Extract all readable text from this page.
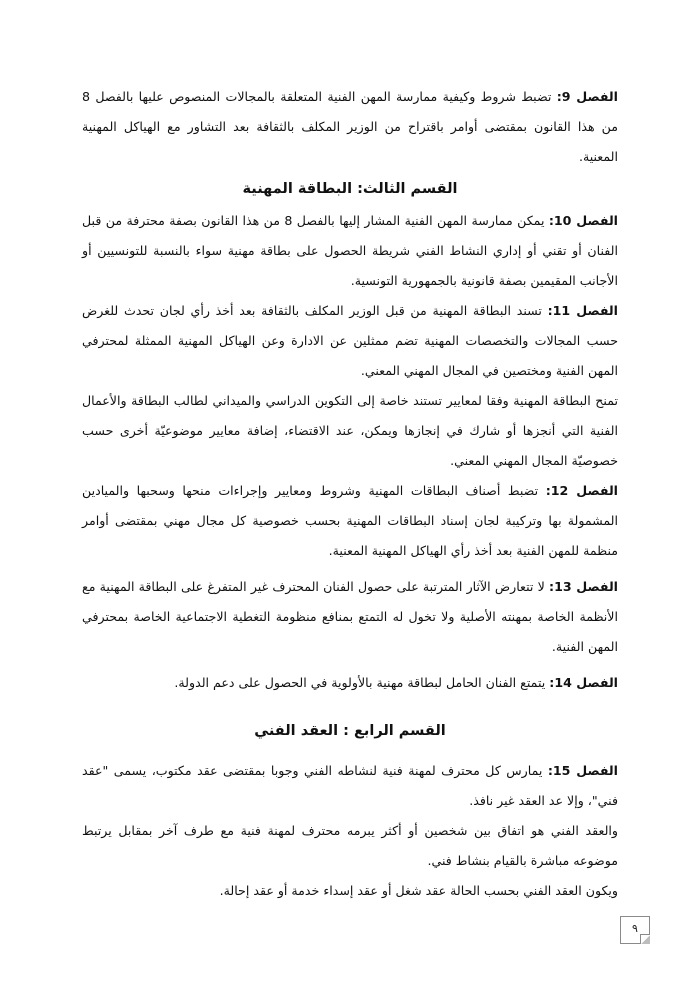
الفصل 9: تضبط شروط وكيفية ممارسة المهن الفنية المتعلقة بالمجالات المنصوص عليها بالفصل 8 من هذا القانون بمقتضى أوامر باقتراح من الوزير المكلف بالثقافة بعد التشاور مع الهياكل المهنية المعنية.

القسم الثالث: البطاقة المهنية

الفصل 10: يمكن ممارسة المهن الفنية المشار إليها بالفصل 8 من هذا القانون بصفة محترفة من قبل الفنان أو تقني أو إداري النشاط الفني شريطة الحصول على بطاقة مهنية سواء بالنسبة للتونسيين أو الأجانب المقيمين بصفة قانونية بالجمهورية التونسية.

الفصل 11: تسند البطاقة المهنية من قبل الوزير المكلف بالثقافة بعد أخذ رأي لجان تحدث للغرض حسب المجالات والتخصصات المهنية تضم ممثلين عن الادارة وعن الهياكل المهنية الممثلة لمحترفي المهن الفنية ومختصين في المجال المهني المعني.

تمنح البطاقة المهنية وفقا لمعايير تستند خاصة إلى التكوين الدراسي والميداني لطالب البطاقة والأعمال الفنية التي أنجزها أو شارك في إنجازها ويمكن، عند الاقتضاء، إضافة معايير موضوعيّة أخرى حسب خصوصيّة المجال المهني المعني.

الفصل 12: تضبط أصناف البطاقات المهنية وشروط ومعايير وإجراءات منحها وسحبها والميادين المشمولة بها وتركيبة لجان إسناد البطاقات المهنية بحسب خصوصية كل مجال مهني بمقتضى أوامر منظمة للمهن الفنية بعد أخذ رأي الهياكل المهنية المعنية.

الفصل 13: لا تتعارض الآثار المترتبة على حصول الفنان المحترف غير المتفرغ على البطاقة المهنية مع الأنظمة الخاصة بمهنته الأصلية ولا تخول له التمتع بمنافع منظومة التغطية الاجتماعية الخاصة بمحترفي المهن الفنية.

الفصل 14: يتمتع الفنان الحامل لبطاقة مهنية بالأولوية في الحصول على دعم الدولة.

القسم الرابع : العقد الفني

الفصل 15: يمارس كل محترف لمهنة فنية لنشاطه الفني وجوبا بمقتضى عقد مكتوب، يسمى "عقد فني"، وإلا عد العقد غير نافذ.

والعقد الفني هو اتفاق بين شخصين أو أكثر يبرمه محترف لمهنة فنية مع طرف آخر بمقابل يرتبط موضوعه مباشرة بالقيام بنشاط فني.

ويكون العقد الفني بحسب الحالة عقد شغل أو عقد إسداء خدمة أو عقد إحالة.

٩
